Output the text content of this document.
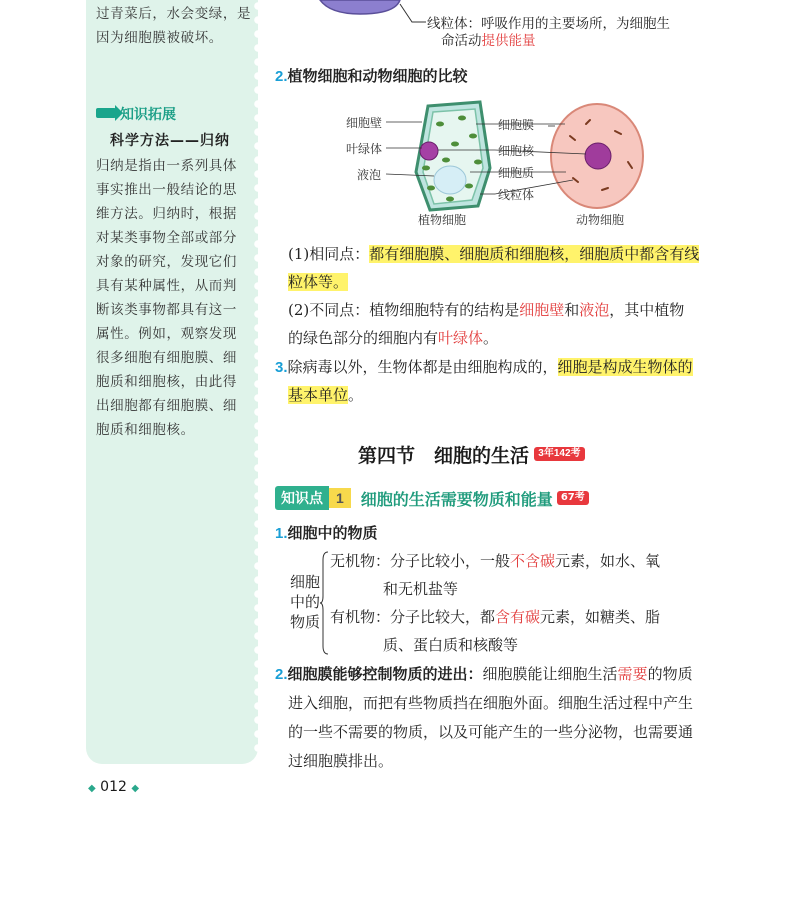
过青菜后，水会变绿，是
因为细胞膜被破坏。
知识拓展
科学方法——归纳
归纳是指由一系列具体
事实推出一般结论的思
维方法。归纳时，根据
对某类事物全部或部分
对象的研究，发现它们
具有某种属性，从而判
断该类事物都具有这一
属性。例如，观察发现
很多细胞有细胞膜、细
胞质和细胞核，由此得
出细胞都有细胞膜、细
胞质和细胞核。
◆ 012 ◆
线粒体：呼吸作用的主要场所，为细胞生
命活动提供能量
2.植物细胞和动物细胞的比较
细胞壁
叶绿体
液泡
细胞膜
细胞核
细胞质
线粒体
植物细胞	动物细胞
(1)相同点：都有细胞膜、细胞质和细胞核，细胞质中都含有线
粒体等。
(2)不同点：植物细胞特有的结构是细胞壁和液泡，其中植物
的绿色部分的细胞内有叶绿体。
3.除病毒以外，生物体都是由细胞构成的，细胞是构成生物体的
基本单位。
第四节　细胞的生活 3年142考
知识点 1	细胞的生活需要物质和能量 67考
1.细胞中的物质
细胞
中的
物质
无机物：分子比较小，一般不含碳元素，如水、氧
和无机盐等
有机物：分子比较大，都含有碳元素，如糖类、脂
质、蛋白质和核酸等
2.细胞膜能够控制物质的进出：细胞膜能让细胞生活需要的物质
进入细胞，而把有些物质挡在细胞外面。细胞生活过程中产生
的一些不需要的物质，以及可能产生的一些分泌物，也需要通
过细胞膜排出。
